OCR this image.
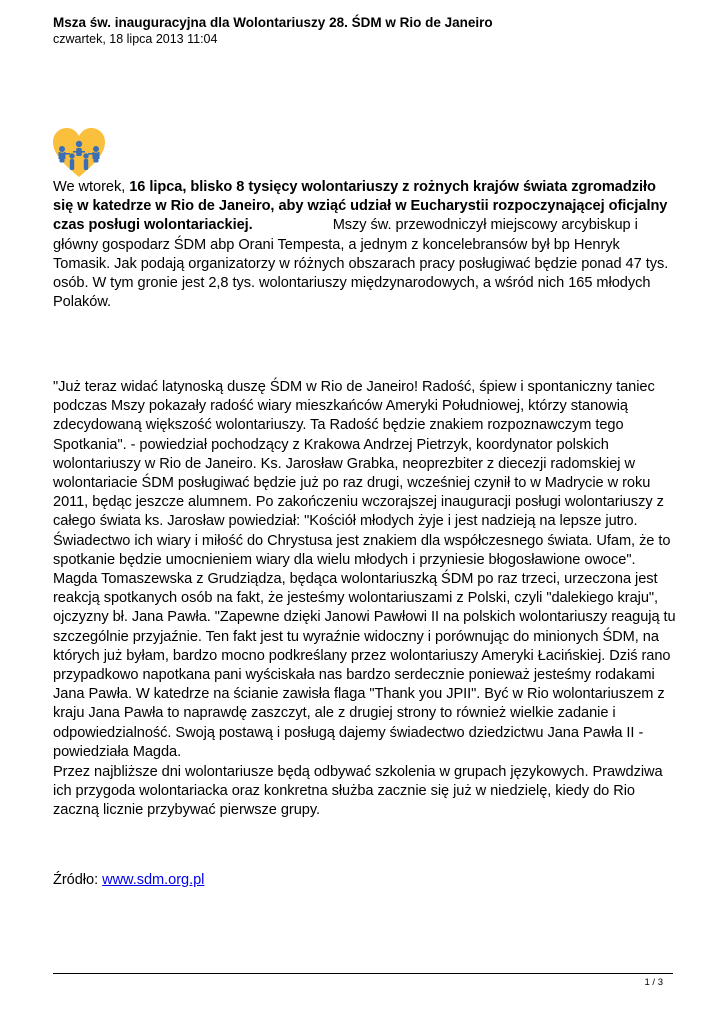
Msza św. inauguracyjna dla Wolontariuszy 28. ŚDM w Rio de Janeiro
czwartek, 18 lipca 2013 11:04
We wtorek, 16 lipca, blisko 8 tysięcy wolontariuszy z rożnych krajów świata zgromadziło się w katedrze w Rio de Janeiro, aby wziąć udział w Eucharystii rozpoczynającej oficjalny czas posługi wolontariackiej.	Mszy św. przewodniczył miejscowy arcybiskup i główny gospodarz ŚDM abp Orani Tempesta, a jednym z koncelebransów był bp Henryk Tomasik. Jak podają organizatorzy w różnych obszarach pracy posługiwać będzie ponad 47 tys. osób. W tym gronie jest 2,8 tys. wolontariuszy międzynarodowych, a wśród nich 165 młodych Polaków.
"Już teraz widać latynoską duszę ŚDM w Rio de Janeiro! Radość, śpiew i spontaniczny taniec podczas Mszy pokazały radość wiary mieszkańców Ameryki Południowej, którzy stanowią zdecydowaną większość wolontariuszy. Ta Radość będzie znakiem rozpoznawczym tego Spotkania". - powiedział pochodzący z Krakowa Andrzej Pietrzyk, koordynator polskich wolontariuszy w Rio de Janeiro. Ks. Jarosław Grabka, neoprezbiter z diecezji radomskiej w wolontariacie ŚDM posługiwać będzie już po raz drugi, wcześniej czynił to w Madrycie w roku 2011, będąc jeszcze alumnem. Po zakończeniu wczorajszej inauguracji posługi wolontariuszy z całego świata ks. Jarosław powiedział: "Kościół młodych żyje i jest nadzieją na lepsze jutro. Świadectwo ich wiary i miłość do Chrystusa jest znakiem dla współczesnego świata. Ufam, że to spotkanie będzie umocnieniem wiary dla wielu młodych i przyniesie błogosławione owoce". Magda Tomaszewska z Grudziądza, będąca wolontariuszką ŚDM po raz trzeci, urzeczona jest reakcją spotkanych osób na fakt, że jesteśmy wolontariuszami z Polski, czyli "dalekiego kraju", ojczyzny bł. Jana Pawła. "Zapewne dzięki Janowi Pawłowi II na polskich wolontariuszy reagują tu szczególnie przyjaźnie. Ten fakt jest tu wyraźnie widoczny i porównując do minionych ŚDM, na których już byłam, bardzo mocno podkreślany przez wolontariuszy Ameryki Łacińskiej. Dziś rano przypadkowo napotkana pani wyściskała nas bardzo serdecznie ponieważ jesteśmy rodakami Jana Pawła. W katedrze na ścianie zawisła flaga "Thank you JPII". Być w Rio wolontariuszem z kraju Jana Pawła to naprawdę zaszczyt, ale z drugiej strony to również wielkie zadanie i odpowiedzialność. Swoją postawą i posługą dajemy świadectwo dziedzictwu Jana Pawła II - powiedziała Magda.
Przez najbliższe dni wolontariusze będą odbywać szkolenia w grupach językowych. Prawdziwa ich przygoda wolontariacka oraz konkretna służba zacznie się już w niedzielę, kiedy do Rio zaczną licznie przybywać pierwsze grupy.
Źródło: www.sdm.org.pl
1 / 3
